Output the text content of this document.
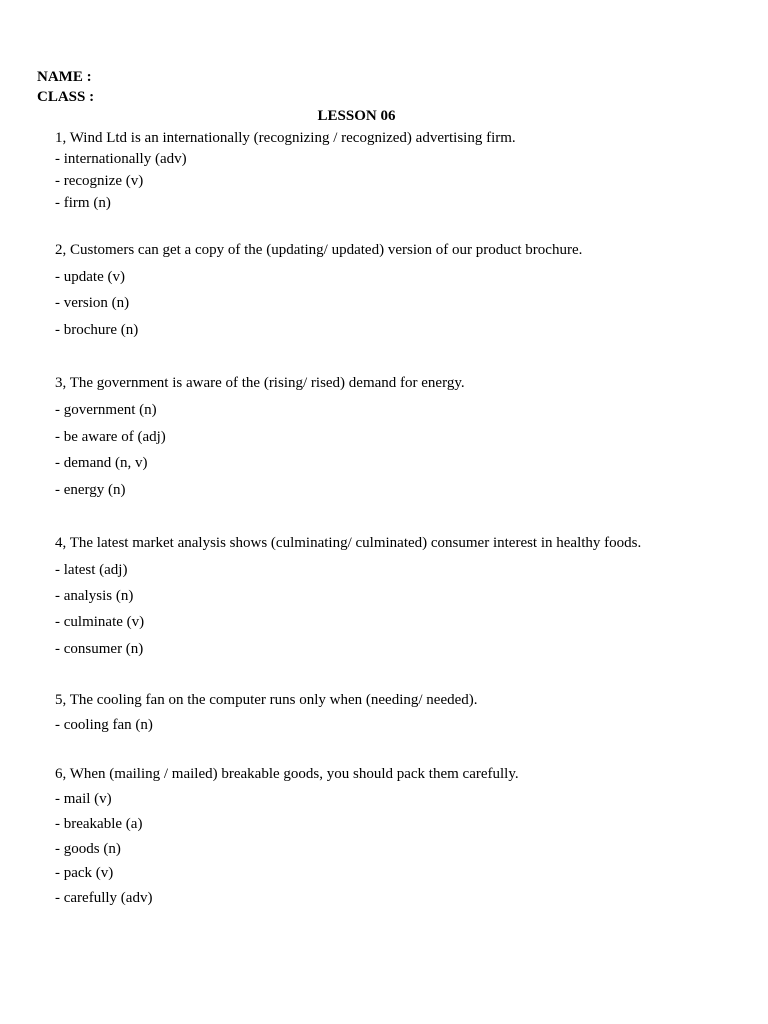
NAME :
CLASS :
LESSON 06
1, Wind Ltd is an internationally (recognizing / recognized) advertising firm.
- internationally (adv)
- recognize (v)
- firm (n)
2, Customers can get a copy of the (updating/ updated) version of our product brochure.
- update (v)
- version (n)
- brochure (n)
3, The government is aware of the (rising/ rised) demand for energy.
- government (n)
- be aware of (adj)
- demand (n, v)
- energy (n)
4, The latest market analysis shows (culminating/ culminated) consumer interest in healthy foods.
- latest (adj)
- analysis (n)
- culminate (v)
- consumer (n)
5, The cooling fan on the computer runs only when (needing/ needed).
- cooling fan (n)
6, When (mailing / mailed) breakable goods, you should pack them carefully.
- mail (v)
- breakable (a)
- goods (n)
- pack (v)
- carefully (adv)
